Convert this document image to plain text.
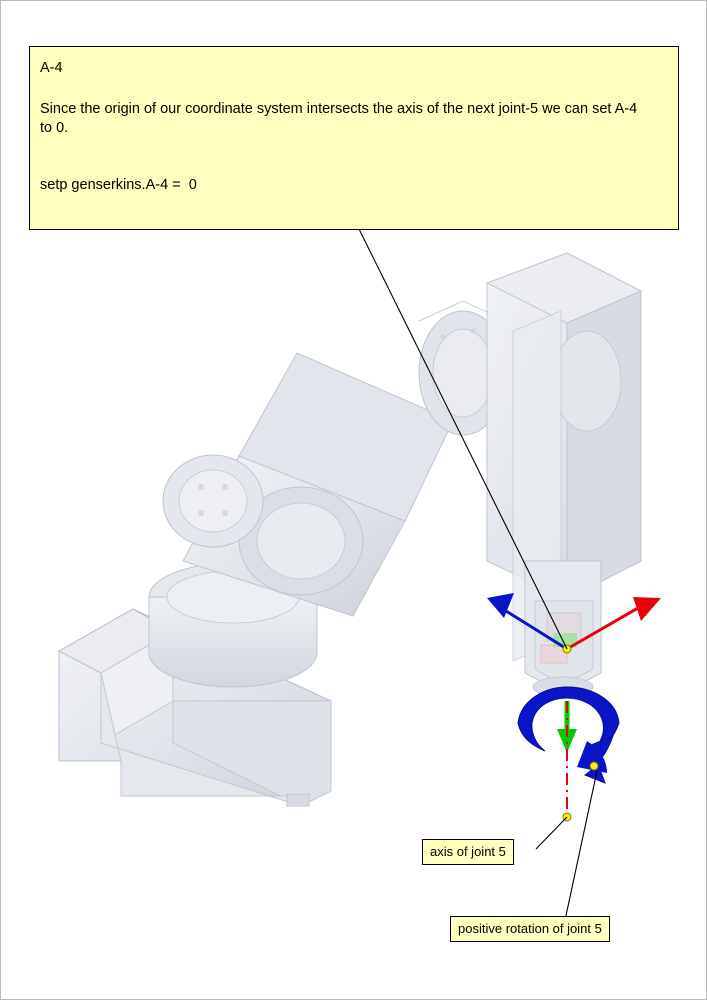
A-4

Since the origin of our coordinate system intersects the axis of the next joint-5 we can set A-4 to 0.

setp genserkins.A-4 =  0

axis of joint 5
positive rotation of joint 5
